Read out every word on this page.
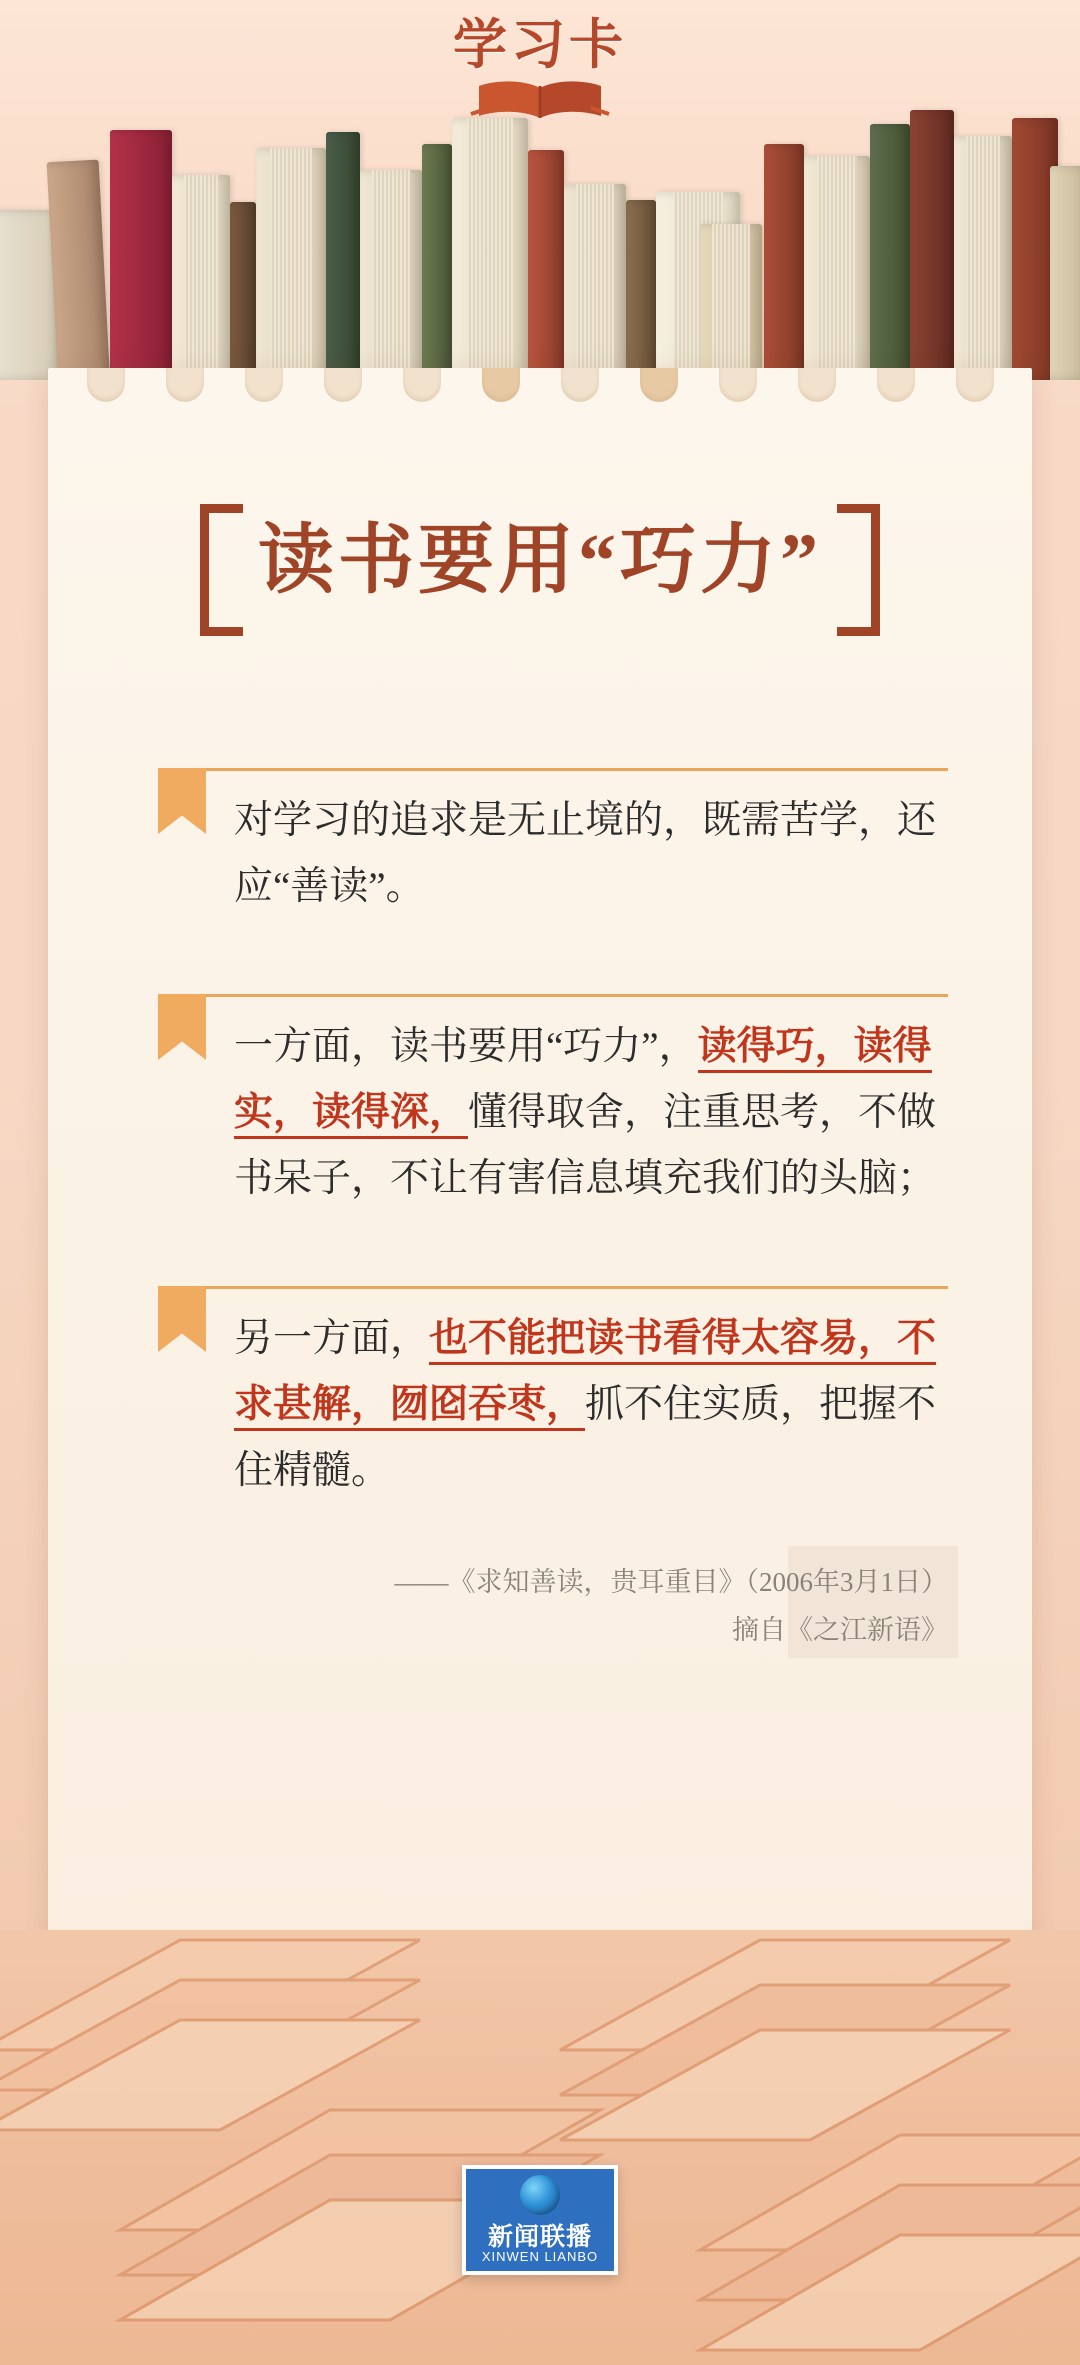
学习卡
读书要用“巧力”
对学习的追求是无止境的，既需苦学，还应“善读”。
一方面，读书要用“巧力”，读得巧，读得实，读得深，懂得取舍，注重思考，不做书呆子，不让有害信息填充我们的头脑；
另一方面，也不能把读书看得太容易，不求甚解，囫囵吞枣，抓不住实质，把握不住精髓。
——《求知善读，贵耳重目》（2006年3月1日）
摘自《之江新语》
新闻联播
XINWEN LIANBO
